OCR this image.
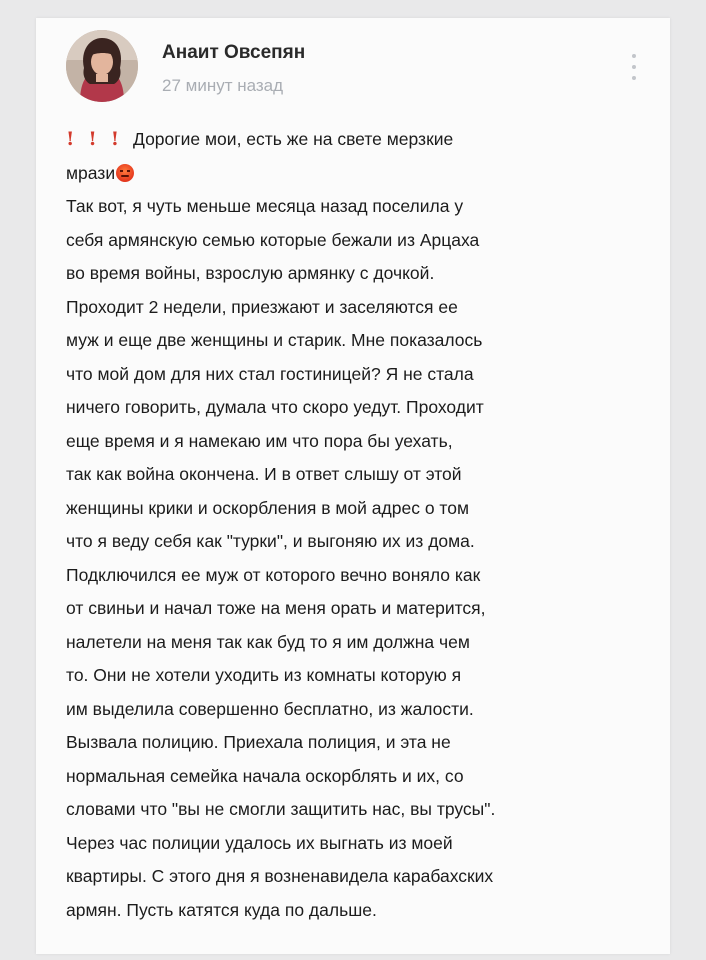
Анаит Овсепян
27 минут назад
! ! ! Дорогие мои, есть же на свете мерзкие
мрази
Так вот, я чуть меньше месяца назад поселила у
себя армянскую семью которые бежали из Арцаха
во время войны, взрослую армянку с дочкой.
Проходит 2 недели, приезжают и заселяются ее
муж и еще две женщины и старик. Мне показалось
что мой дом для них стал гостиницей? Я не стала
ничего говорить, думала что скоро уедут. Проходит
еще время и я намекаю им что пора бы уехать,
так как война окончена. И в ответ слышу от этой
женщины крики и оскорбления в мой адрес о том
что я веду себя как "турки", и выгоняю их из дома.
Подключился ее муж от которого вечно воняло как
от свиньи и начал тоже на меня орать и матерится,
налетели на меня так как буд то я им должна чем
то. Они не хотели уходить из комнаты которую я
им выделила совершенно бесплатно, из жалости.
Вызвала полицию. Приехала полиция, и эта не
нормальная семейка начала оскорблять и их, со
словами что "вы не смогли защитить нас, вы трусы".
Через час полиции удалось их выгнать из моей
квартиры. С этого дня я возненавидела карабахских
армян. Пусть катятся куда по дальше.
